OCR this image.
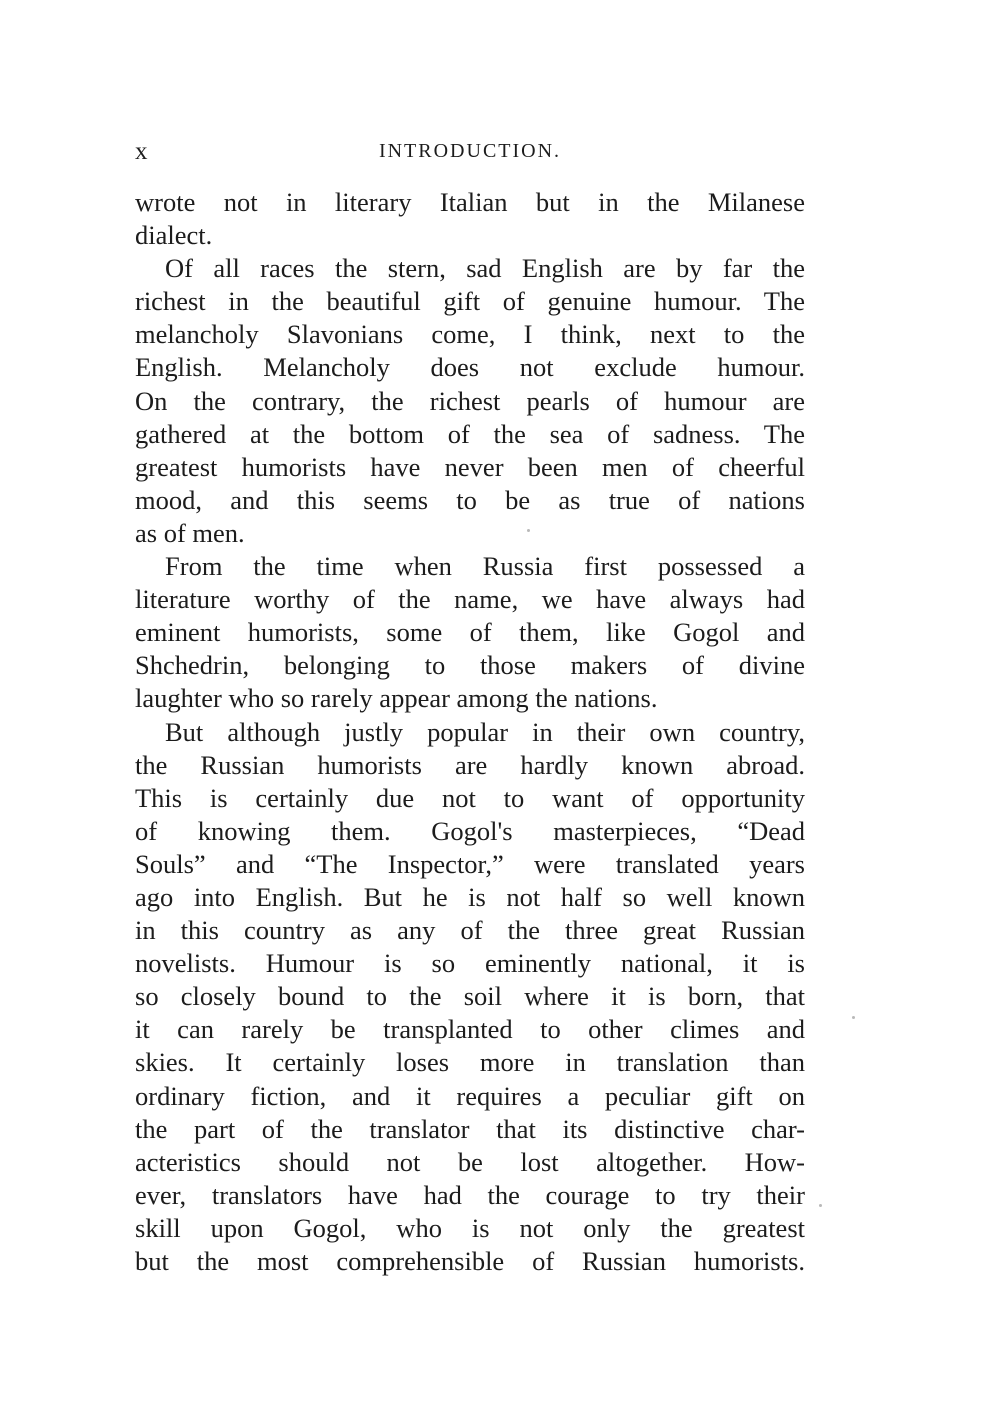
x	INTRODUCTION.
wrote not in literary Italian but in the Milanese
dialect.
Of all races the stern, sad English are by far the
richest in the beautiful gift of genuine humour. The
melancholy Slavonians come, I think, next to the
English. Melancholy does not exclude humour.
On the contrary, the richest pearls of humour are
gathered at the bottom of the sea of sadness. The
greatest humorists have never been men of cheerful
mood, and this seems to be as true of nations
as of men.
From the time when Russia first possessed a
literature worthy of the name, we have always had
eminent humorists, some of them, like Gogol and
Shchedrin, belonging to those makers of divine
laughter who so rarely appear among the nations.
But although justly popular in their own country,
the Russian humorists are hardly known abroad.
This is certainly due not to want of opportunity
of knowing them. Gogol's masterpieces, “Dead
Souls” and “The Inspector,” were translated years
ago into English. But he is not half so well known
in this country as any of the three great Russian
novelists. Humour is so eminently national, it is
so closely bound to the soil where it is born, that
it can rarely be transplanted to other climes and
skies. It certainly loses more in translation than
ordinary fiction, and it requires a peculiar gift on
the part of the translator that its distinctive char-
acteristics should not be lost altogether. How-
ever, translators have had the courage to try their
skill upon Gogol, who is not only the greatest
but the most comprehensible of Russian humorists.
